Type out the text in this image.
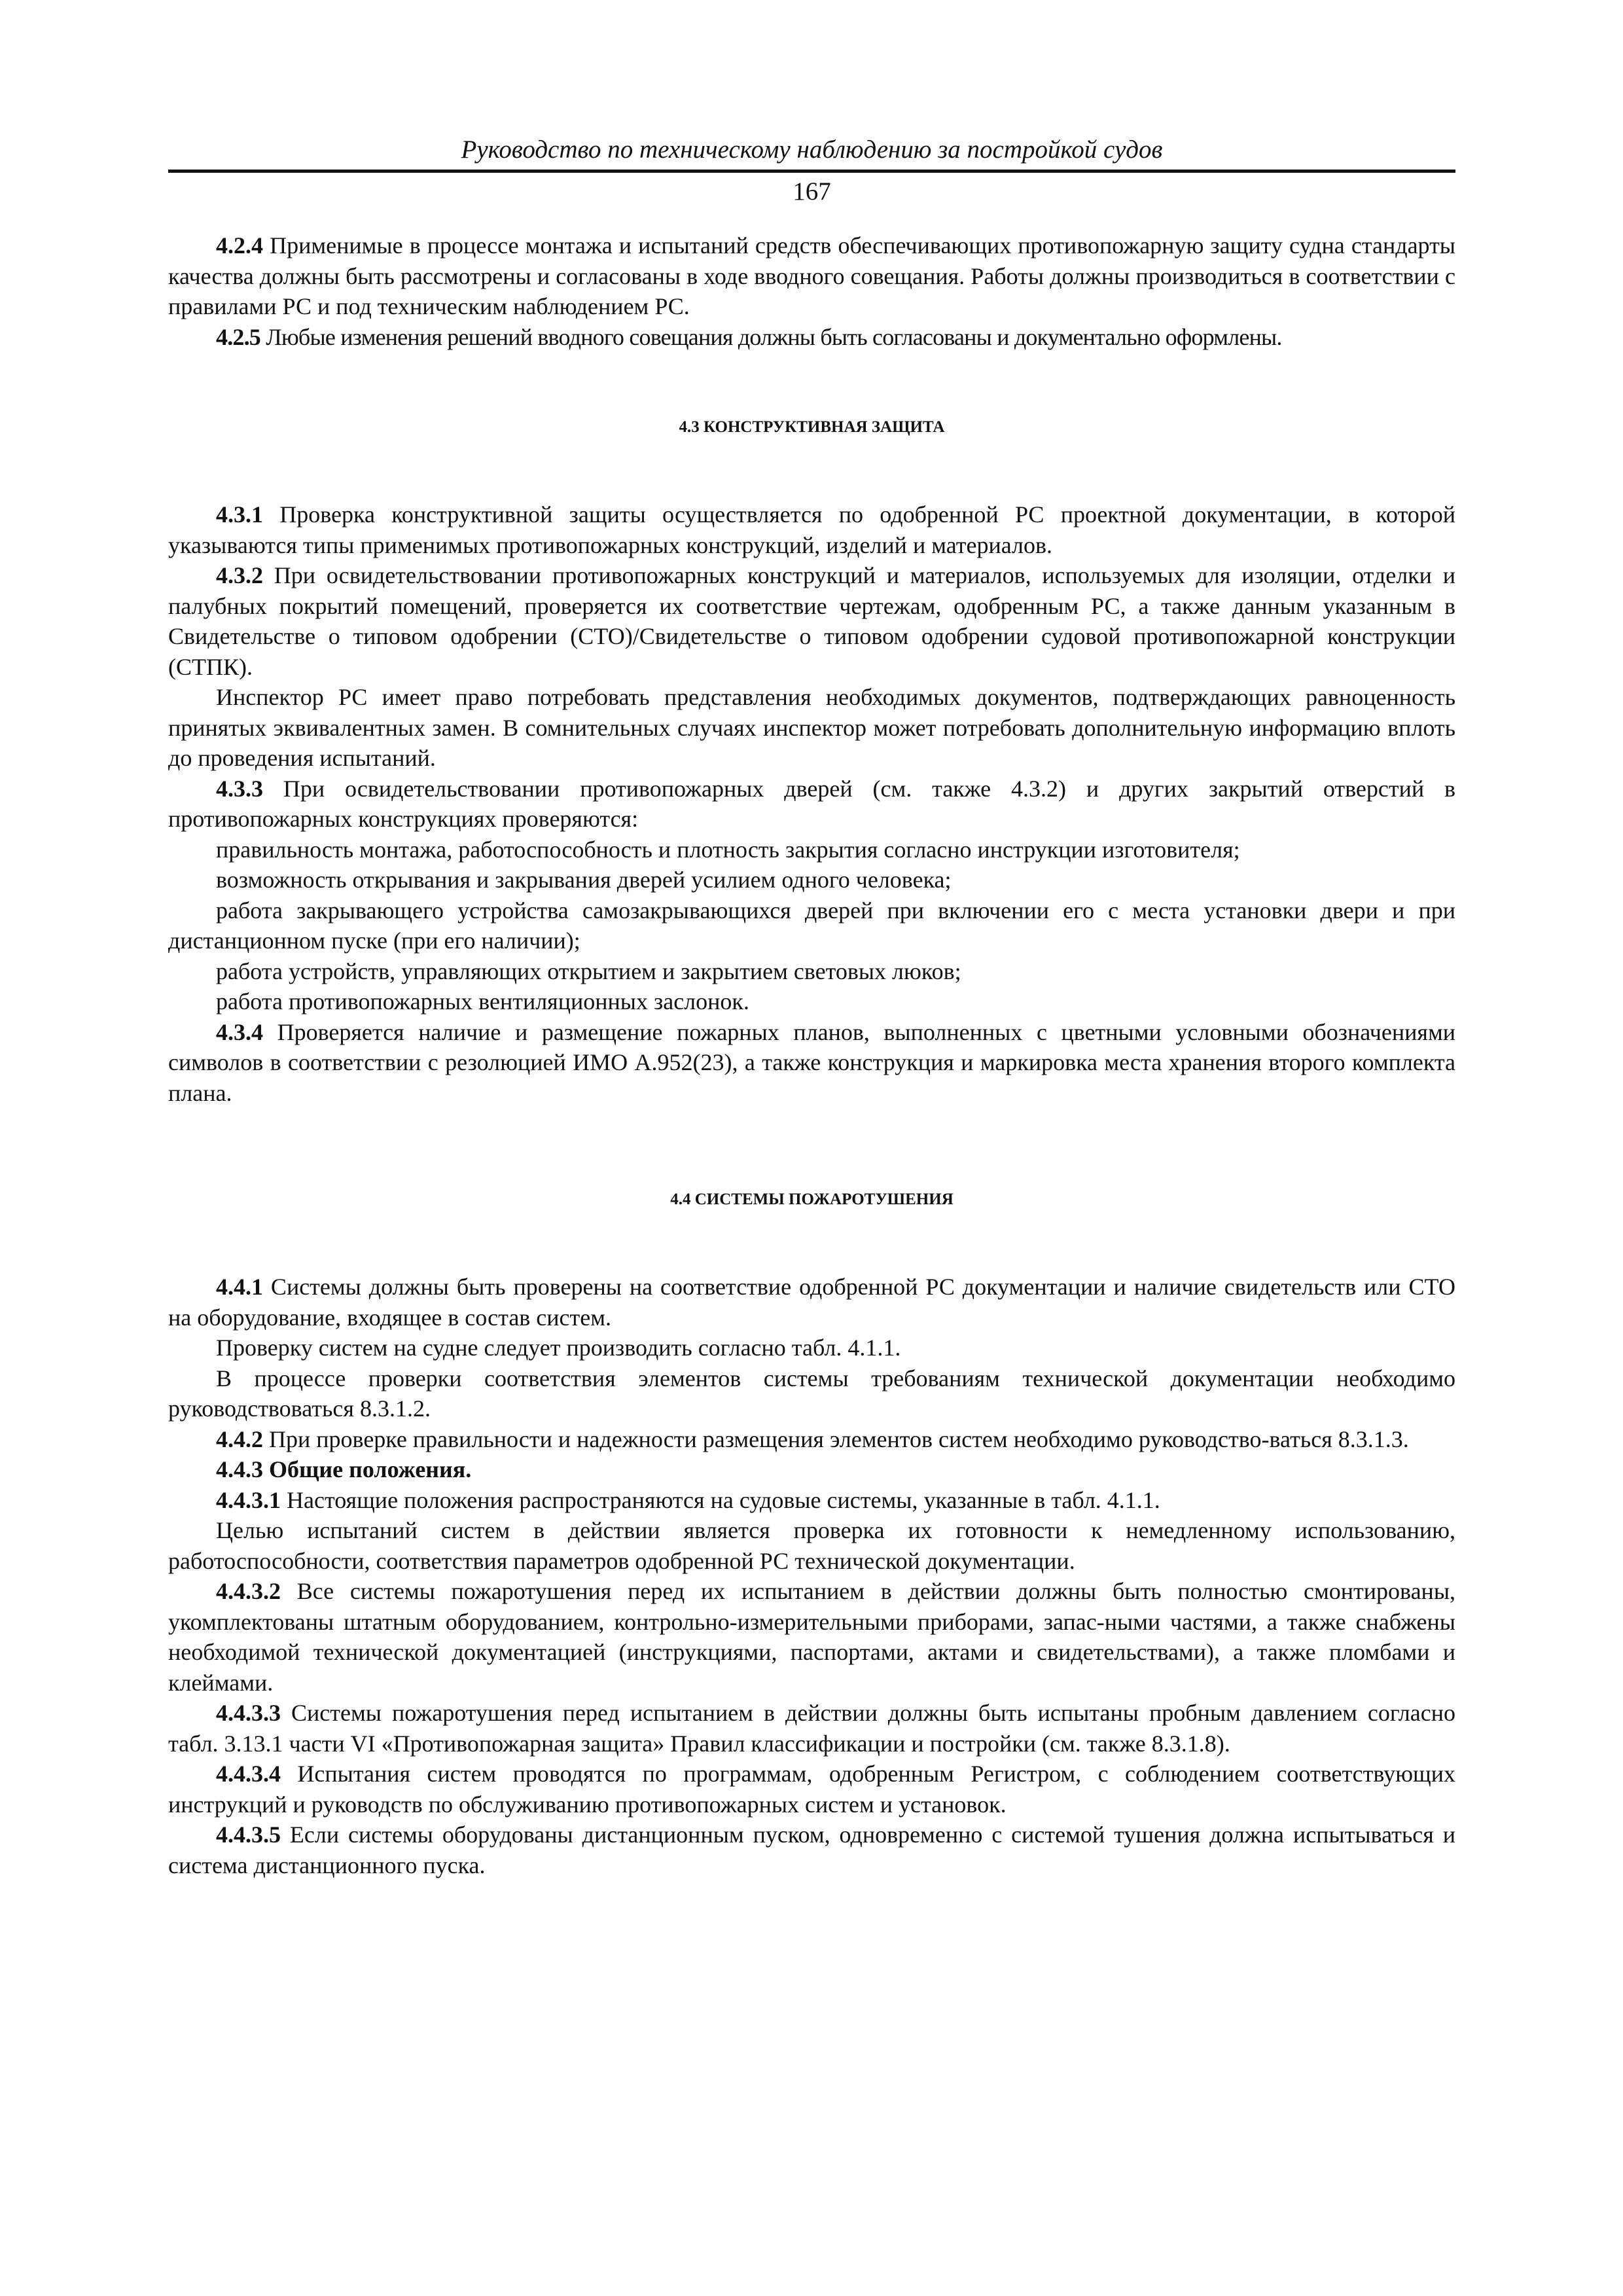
Руководство по техническому наблюдению за постройкой судов
167

4.2.4 Применимые в процессе монтажа и испытаний средств обеспечивающих противопожарную защиту судна стандарты качества должны быть рассмотрены и согласованы в ходе вводного совещания. Работы должны производиться в соответствии с правилами РС и под техническим наблюдением РС.

4.2.5 Любые изменения решений вводного совещания должны быть согласованы и документально оформлены.

4.3 КОНСТРУКТИВНАЯ ЗАЩИТА

4.3.1 Проверка конструктивной защиты осуществляется по одобренной РС проектной документации, в которой указываются типы применимых противопожарных конструкций, изделий и материалов.

4.3.2 При освидетельствовании противопожарных конструкций и материалов, используемых для изоляции, отделки и палубных покрытий помещений, проверяется их соответствие чертежам, одобренным РС, а также данным указанным в Свидетельстве о типовом одобрении (СТО)/Свидетельстве о типовом одобрении судовой противопожарной конструкции (СТПК).

Инспектор РС имеет право потребовать представления необходимых документов, подтверждающих равноценность принятых эквивалентных замен. В сомнительных случаях инспектор может потребовать дополнительную информацию вплоть до проведения испытаний.

4.3.3 При освидетельствовании противопожарных дверей (см. также 4.3.2) и других закрытий отверстий в противопожарных конструкциях проверяются:

правильность монтажа, работоспособность и плотность закрытия согласно инструкции изготовителя;

возможность открывания и закрывания дверей усилием одного человека;

работа закрывающего устройства самозакрывающихся дверей при включении его с места установки двери и при дистанционном пуске (при его наличии);

работа устройств, управляющих открытием и закрытием световых люков;

работа противопожарных вентиляционных заслонок.

4.3.4 Проверяется наличие и размещение пожарных планов, выполненных с цветными условными обозначениями символов в соответствии с резолюцией ИМО А.952(23), а также конструкция и маркировка места хранения второго комплекта плана.

4.4 СИСТЕМЫ ПОЖАРОТУШЕНИЯ

4.4.1 Системы должны быть проверены на соответствие одобренной РС документации и наличие свидетельств или СТО на оборудование, входящее в состав систем.

Проверку систем на судне следует производить согласно табл. 4.1.1.

В процессе проверки соответствия элементов системы требованиям технической документации необходимо руководствоваться 8.3.1.2.

4.4.2 При проверке правильности и надежности размещения элементов систем необходимо руководство-ваться 8.3.1.3.

4.4.3 Общие положения.

4.4.3.1 Настоящие положения распространяются на судовые системы, указанные в табл. 4.1.1.

Целью испытаний систем в действии является проверка их готовности к немедленному использованию, работоспособности, соответствия параметров одобренной РС технической документации.

4.4.3.2 Все системы пожаротушения перед их испытанием в действии должны быть полностью смонтированы, укомплектованы штатным оборудованием, контрольно-измерительными приборами, запас-ными частями, а также снабжены необходимой технической документацией (инструкциями, паспортами, актами и свидетельствами), а также пломбами и клеймами.

4.4.3.3 Системы пожаротушения перед испытанием в действии должны быть испытаны пробным давлением согласно табл. 3.13.1 части VI «Противопожарная защита» Правил классификации и постройки (см. также 8.3.1.8).

4.4.3.4 Испытания систем проводятся по программам, одобренным Регистром, с соблюдением соответствующих инструкций и руководств по обслуживанию противопожарных систем и установок.

4.4.3.5 Если системы оборудованы дистанционным пуском, одновременно с системой тушения должна испытываться и система дистанционного пуска.
